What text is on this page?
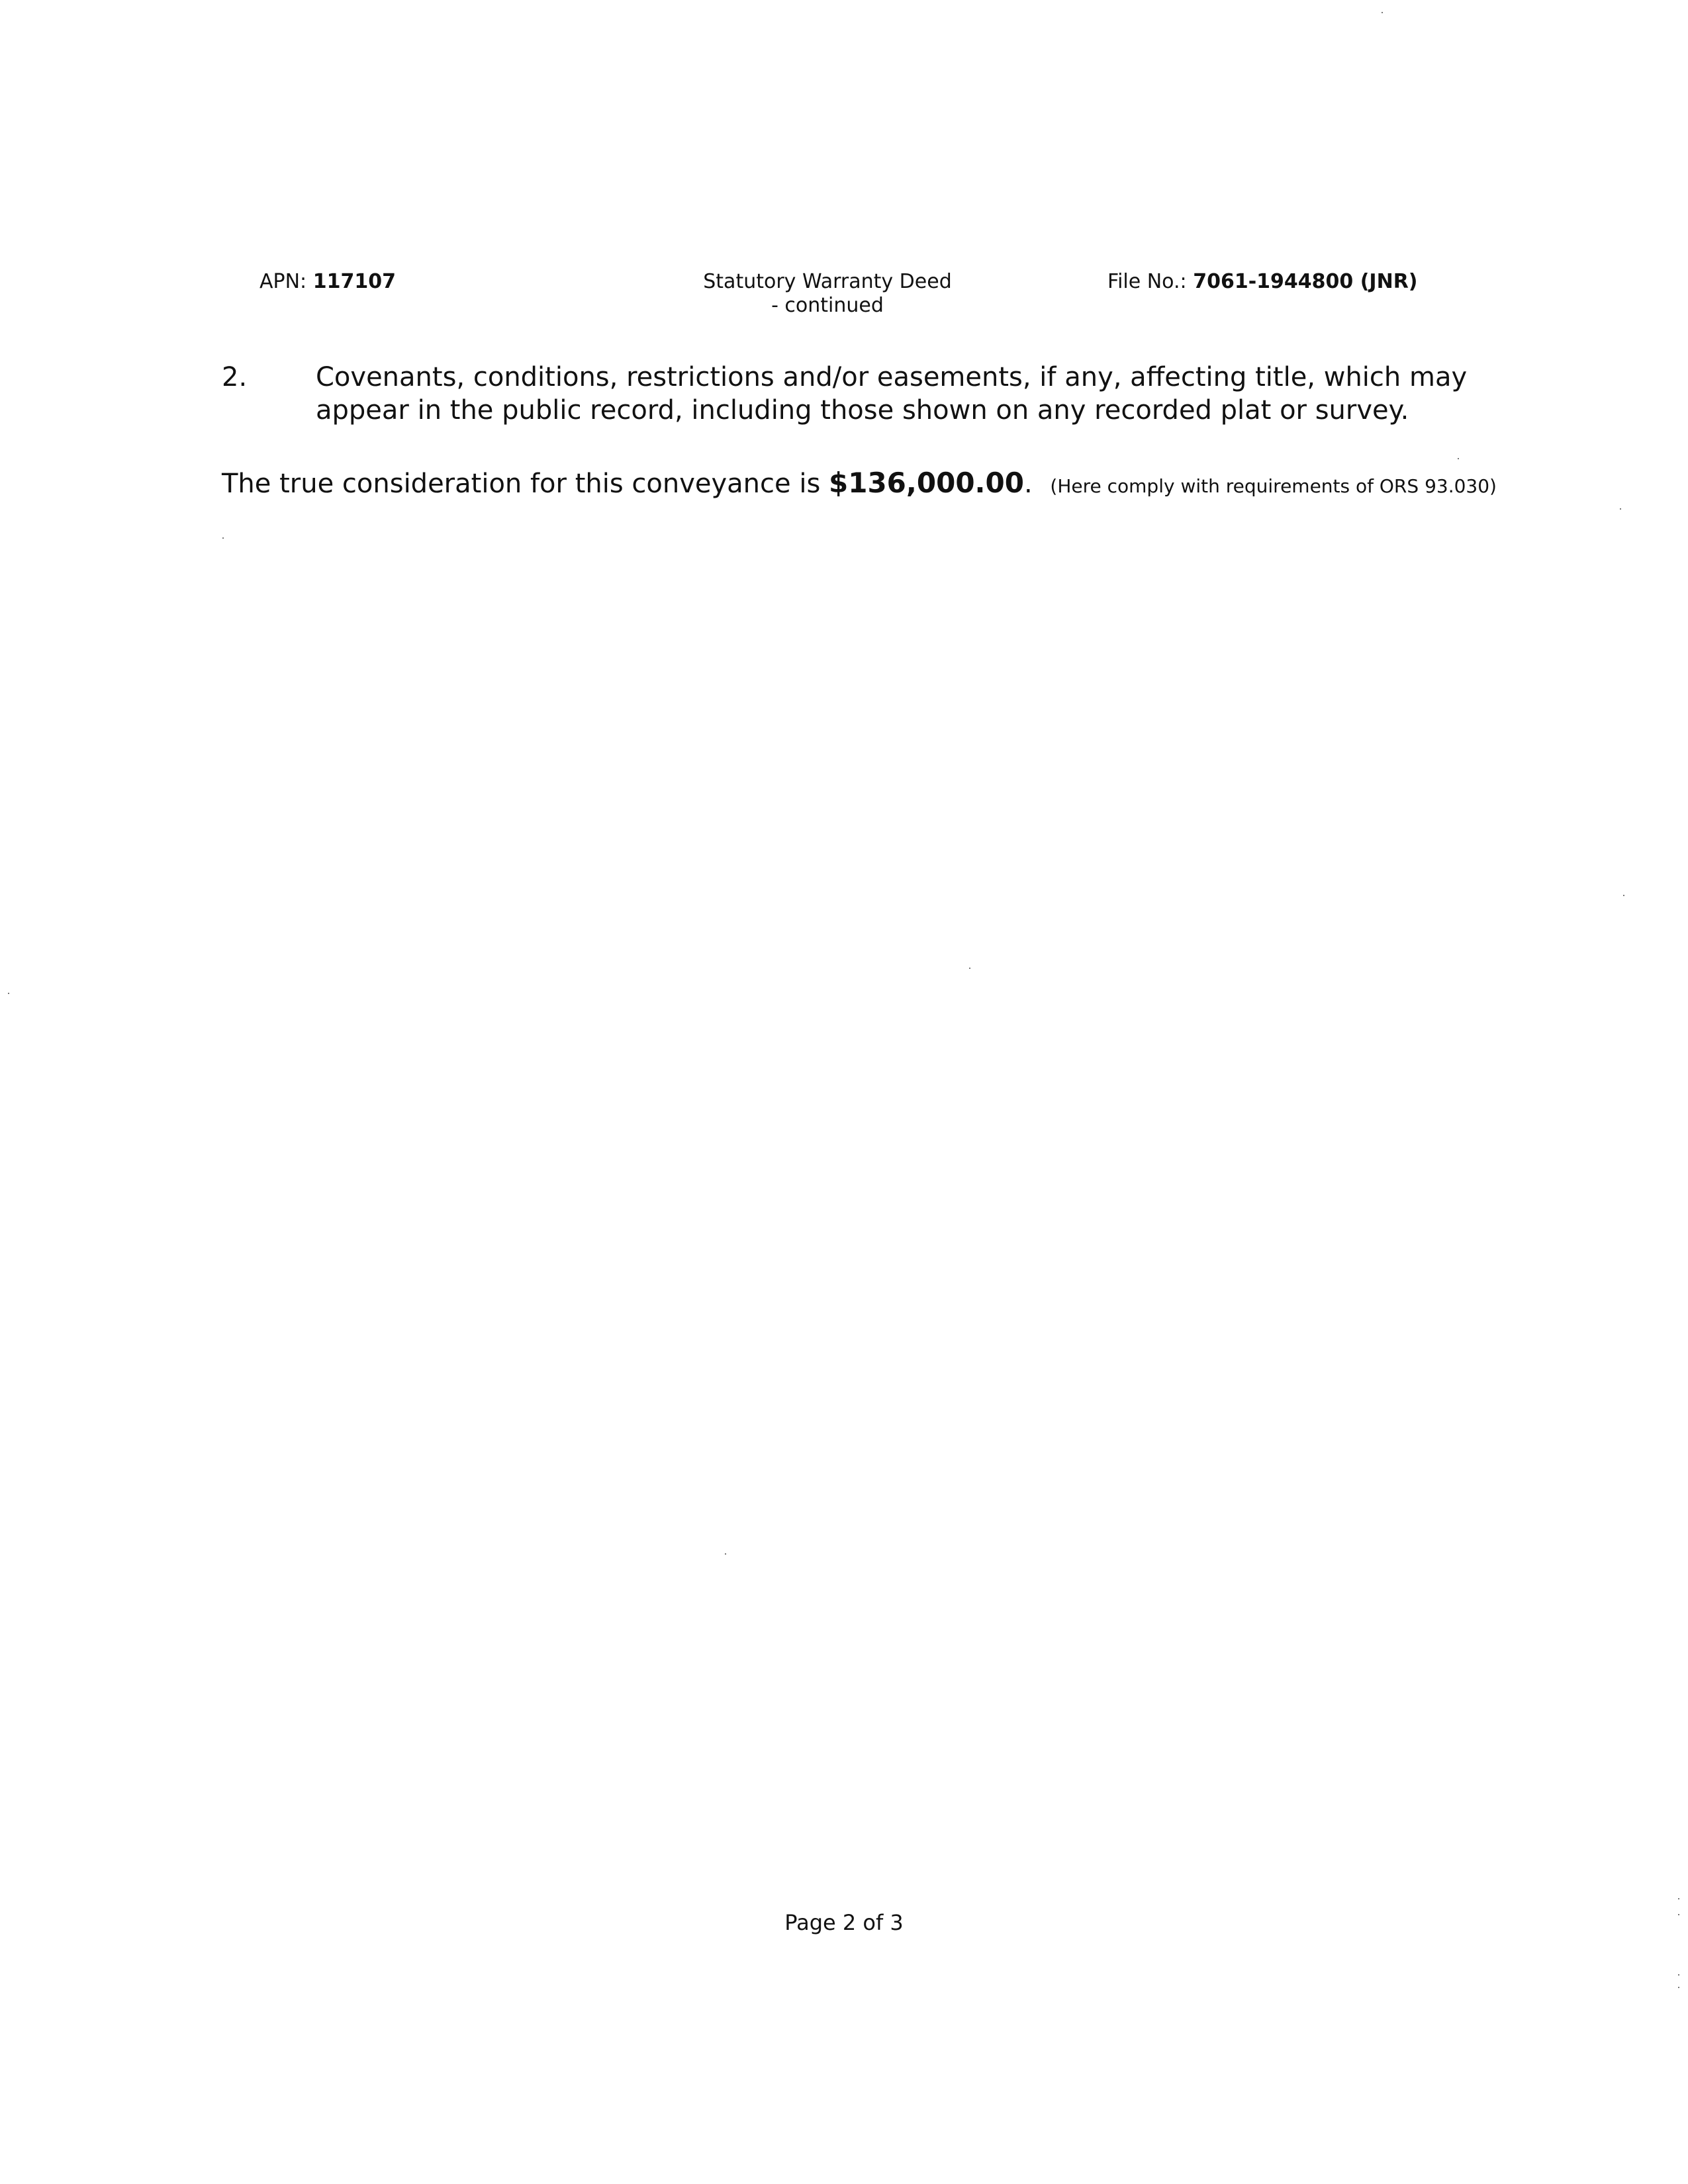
APN: 117107	Statutory Warranty Deed
- continued
File No.: 7061-1944800 (JNR)
2.	Covenants, conditions, restrictions and/or easements, if any, affecting title, which may appear in the public record, including those shown on any recorded plat or survey.
The true consideration for this conveyance is $136,000.00. (Here comply with requirements of ORS 93.030)
Page 2 of 3
